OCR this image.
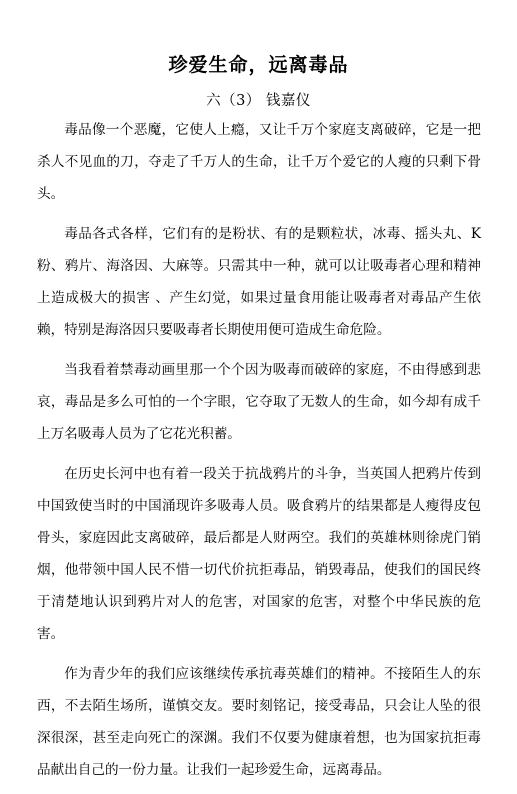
珍爱生命，远离毒品

六（3） 钱嘉仪

毒品像一个恶魔，它使人上瘾，又让千万个家庭支离破碎，它是一把杀人不见血的刀，夺走了千万人的生命，让千万个爱它的人瘦的只剩下骨头。

毒品各式各样，它们有的是粉状、有的是颗粒状，冰毒、摇头丸、K粉、鸦片、海洛因、大麻等。只需其中一种，就可以让吸毒者心理和精神上造成极大的损害 、产生幻觉，如果过量食用能让吸毒者对毒品产生依赖，特别是海洛因只要吸毒者长期使用便可造成生命危险。

当我看着禁毒动画里那一个个因为吸毒而破碎的家庭，不由得感到悲哀，毒品是多么可怕的一个字眼，它夺取了无数人的生命，如今却有成千上万名吸毒人员为了它花光积蓄。

在历史长河中也有着一段关于抗战鸦片的斗争，当英国人把鸦片传到中国致使当时的中国涌现许多吸毒人员。吸食鸦片的结果都是人瘦得皮包骨头，家庭因此支离破碎，最后都是人财两空。我们的英雄林则徐虎门销烟，他带领中国人民不惜一切代价抗拒毒品，销毁毒品，使我们的国民终于清楚地认识到鸦片对人的危害，对国家的危害，对整个中华民族的危害。

作为青少年的我们应该继续传承抗毒英雄们的精神。不接陌生人的东西，不去陌生场所，谨慎交友。要时刻铭记，接受毒品，只会让人坠的很深很深，甚至走向死亡的深渊。我们不仅要为健康着想，也为国家抗拒毒品献出自己的一份力量。让我们一起珍爱生命，远离毒品。
